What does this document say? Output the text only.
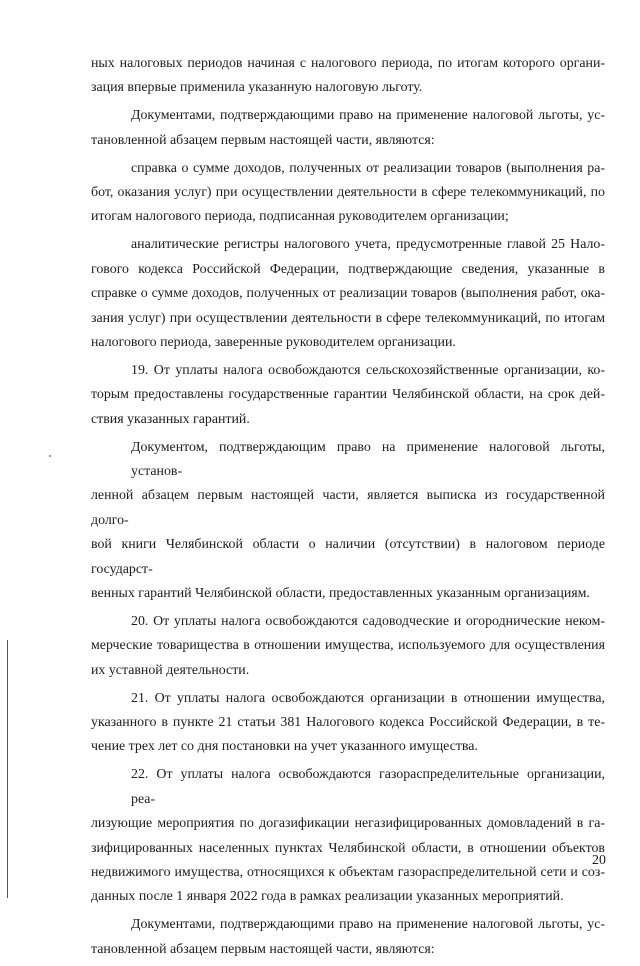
ных налоговых периодов начиная с налогового периода, по итогам которого органи-
зация впервые применила указанную налоговую льготу.

Документами, подтверждающими право на применение налоговой льготы, ус-
тановленной абзацем первым настоящей части, являются:

справка о сумме доходов, полученных от реализации товаров (выполнения ра-
бот, оказания услуг) при осуществлении деятельности в сфере телекоммуникаций, по
итогам налогового периода, подписанная руководителем организации;

аналитические регистры налогового учета, предусмотренные главой 25 Нало-
гового кодекса Российской Федерации, подтверждающие сведения, указанные в
справке о сумме доходов, полученных от реализации товаров (выполнения работ, ока-
зания услуг) при осуществлении деятельности в сфере телекоммуникаций, по итогам
налогового периода, заверенные руководителем организации.

19. От уплаты налога освобождаются сельскохозяйственные организации, ко-
торым предоставлены государственные гарантии Челябинской области, на срок дей-
ствия указанных гарантий.

Документом, подтверждающим право на применение налоговой льготы, установ-
ленной абзацем первым настоящей части, является выписка из государственной долго-
вой книги Челябинской области о наличии (отсутствии) в налоговом периоде государст-
венных гарантий Челябинской области, предоставленных указанным организациям.

20. От уплаты налога освобождаются садоводческие и огороднические неком-
мерческие товарищества в отношении имущества, используемого для осуществления
их уставной деятельности.

21. От уплаты налога освобождаются организации в отношении имущества,
указанного в пункте 21 статьи 381 Налогового кодекса Российской Федерации, в те-
чение трех лет со дня постановки на учет указанного имущества.

22. От уплаты налога освобождаются газораспределительные организации, реа-
лизующие мероприятия по догазификации негазифицированных домовладений в га-
зифицированных населенных пунктах Челябинской области, в отношении объектов
недвижимого имущества, относящихся к объектам газораспределительной сети и соз-
данных после 1 января 2022 года в рамках реализации указанных мероприятий.

Документами, подтверждающими право на применение налоговой льготы, ус-
тановленной абзацем первым настоящей части, являются:

20
